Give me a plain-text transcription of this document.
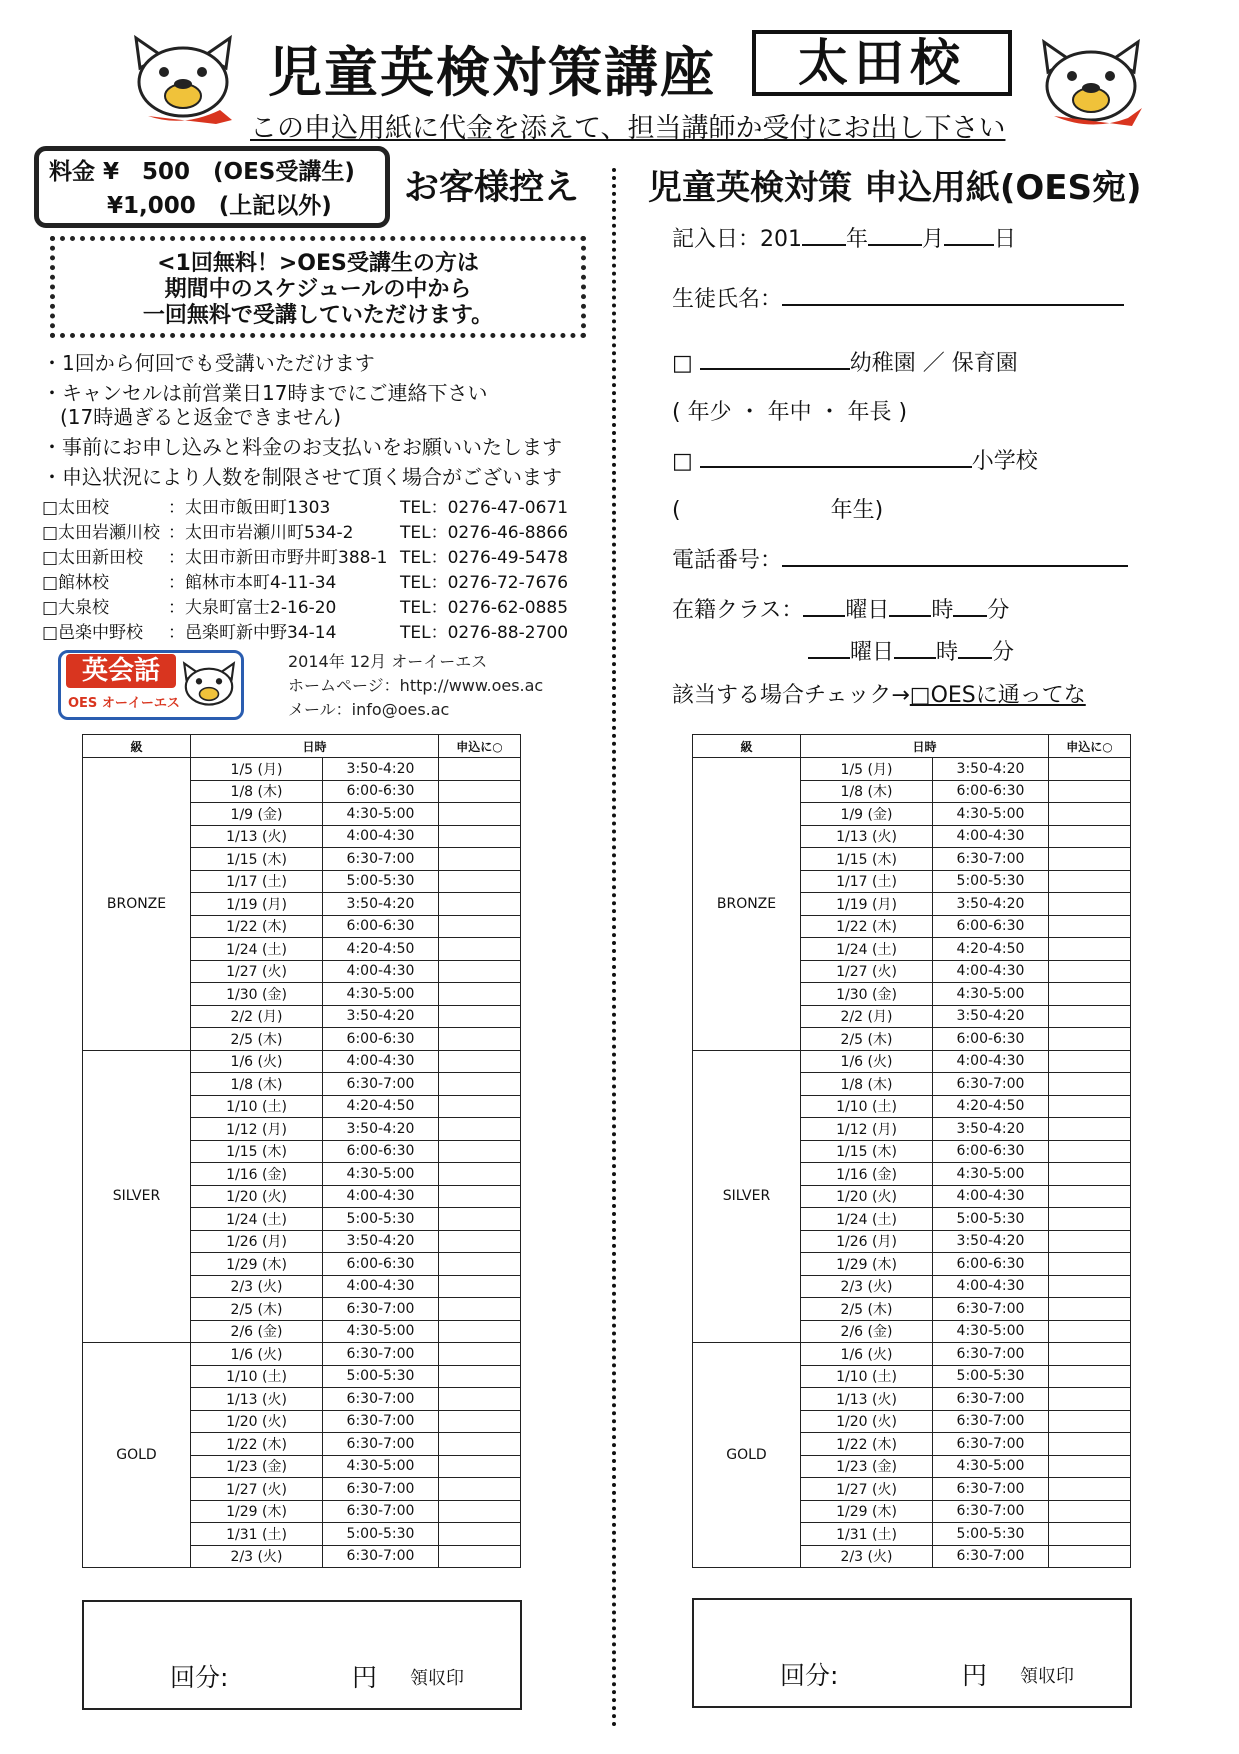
児童英検対策講座	太田校
この申込用紙に代金を添えて、担当講師か受付にお出し下さい
料金 ¥　500　(OES受講生)
¥1,000　(上記以外)	お客様控え
<1回無料！>OES受講生の方は
期間中のスケジュールの中から
一回無料で受講していただけます。
・1回から何回でも受講いただけます
・キャンセルは前営業日17時までにご連絡下さい
(17時過ぎると返金できません)
・事前にお申し込みと料金のお支払いをお願いいたします
・申込状況により人数を制限させて頂く場合がございます
□太田校	：太田市飯田町1303	TEL：0276-47-0671
□太田岩瀬川校 ：太田市岩瀬川町534-2	TEL：0276-46-8866
□太田新田校 ：太田市新田市野井町388-1 TEL：0276-49-5478
□館林校	：館林市本町4-11-34	TEL：0276-72-7676
□大泉校	：大泉町富士2-16-20	TEL：0276-62-0885
□邑楽中野校 ：邑楽町新中野34-14	TEL：0276-88-2700
英会話
OES オーイーエス
2014年 12月 オーイーエス
ホームページ：http://www.oes.ac
メール：info@oes.ac
児童英検対策 申込用紙(OES宛)
記入日：201 年 月 日
生徒氏名：
□	幼稚園 ／ 保育園
( 年少 ・ 年中 ・ 年長 )
□	小学校
(	年生)
電話番号：
在籍クラス： 曜日 時 分
曜日 時 分
該当する場合チェック→□OESに通ってな
級	日時		申込に○
BRONZE	1/5 (月)	3:50-4:20	
	1/8 (木)	6:00-6:30	
	1/9 (金)	4:30-5:00	
	1/13 (火)	4:00-4:30	
	1/15 (木)	6:30-7:00	
	1/17 (土)	5:00-5:30	
	1/19 (月)	3:50-4:20	
	1/22 (木)	6:00-6:30	
	1/24 (土)	4:20-4:50	
	1/27 (火)	4:00-4:30	
	1/30 (金)	4:30-5:00	
	2/2 (月)	3:50-4:20	
	2/5 (木)	6:00-6:30	
SILVER	1/6 (火)	4:00-4:30	
	1/8 (木)	6:30-7:00	
	1/10 (土)	4:20-4:50	
	1/12 (月)	3:50-4:20	
	1/15 (木)	6:00-6:30	
	1/16 (金)	4:30-5:00	
	1/20 (火)	4:00-4:30	
	1/24 (土)	5:00-5:30	
	1/26 (月)	3:50-4:20	
	1/29 (木)	6:00-6:30	
	2/3 (火)	4:00-4:30	
	2/5 (木)	6:30-7:00	
	2/6 (金)	4:30-5:00	
GOLD	1/6 (火)	6:30-7:00	
	1/10 (土)	5:00-5:30	
	1/13 (火)	6:30-7:00	
	1/20 (火)	6:30-7:00	
	1/22 (木)	6:30-7:00	
	1/23 (金)	4:30-5:00	
	1/27 (火)	6:30-7:00	
	1/29 (木)	6:30-7:00	
	1/31 (土)	5:00-5:30	
	2/3 (火)	6:30-7:00	
級	日時		申込に○
BRONZE	1/5 (月)	3:50-4:20	
	1/8 (木)	6:00-6:30	
	1/9 (金)	4:30-5:00	
	1/13 (火)	4:00-4:30	
	1/15 (木)	6:30-7:00	
	1/17 (土)	5:00-5:30	
	1/19 (月)	3:50-4:20	
	1/22 (木)	6:00-6:30	
	1/24 (土)	4:20-4:50	
	1/27 (火)	4:00-4:30	
	1/30 (金)	4:30-5:00	
	2/2 (月)	3:50-4:20	
	2/5 (木)	6:00-6:30	
SILVER	1/6 (火)	4:00-4:30	
	1/8 (木)	6:30-7:00	
	1/10 (土)	4:20-4:50	
	1/12 (月)	3:50-4:20	
	1/15 (木)	6:00-6:30	
	1/16 (金)	4:30-5:00	
	1/20 (火)	4:00-4:30	
	1/24 (土)	5:00-5:30	
	1/26 (月)	3:50-4:20	
	1/29 (木)	6:00-6:30	
	2/3 (火)	4:00-4:30	
	2/5 (木)	6:30-7:00	
	2/6 (金)	4:30-5:00	
GOLD	1/6 (火)	6:30-7:00	
	1/10 (土)	5:00-5:30	
	1/13 (火)	6:30-7:00	
	1/20 (火)	6:30-7:00	
	1/22 (木)	6:30-7:00	
	1/23 (金)	4:30-5:00	
	1/27 (火)	6:30-7:00	
	1/29 (木)	6:30-7:00	
	1/31 (土)	5:00-5:30	
	2/3 (火)	6:30-7:00	
回分:	円 領収印	回分:	円 領収印
